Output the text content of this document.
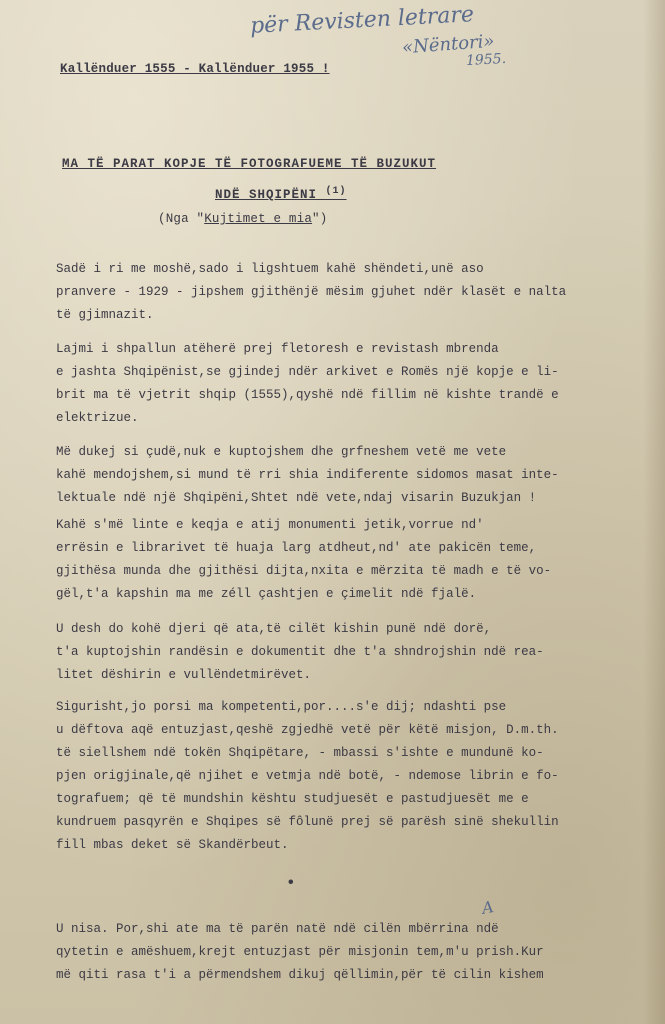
për Revisten letrare
«Nëntori»
1955.
A
Kallënduer 1555 - Kallënduer 1955 !
MA TË PARAT KOPJE TË FOTOGRAFUEME TË BUZUKUT
NDË SHQIPËNI $^{(1)}$
(Nga "Kujtimet e mia")
Sadë i ri me moshë,sado i ligshtuem kahë shëndeti,unë aso
pranvere - 1929 - jipshem gjithënjë mësim gjuhet ndër klasët e nalta
të gjimnazit.
Lajmi i shpallun atëherë prej fletoresh e revistash mbrenda
e jashta Shqipënist,se gjindej ndër arkivet e Romës një kopje e li-
brit ma të vjetrit shqip (1555),qyshë ndë fillim në kishte trandë e
elektrizue.
Më dukej si çudë,nuk e kuptojshem dhe grfneshem vetë me vete
kahë mendojshem,si mund të rri shia indiferente sidomos masat inte-
lektuale ndë një Shqipëni,Shtet ndë vete,ndaj visarin Buzukjan !
Kahë s'më linte e keqja e atij monumenti jetik,vorrue nd'
errësin e librarivet të huaja larg atdheut,nd' ate pakicën teme,
gjithësa munda dhe gjithësi dijta,nxita e mërzita të madh e të vo-
gël,t'a kapshin ma me zéll çashtjen e çimelit ndë fjalë.
U desh do kohë djeri që ata,të cilët kishin punë ndë dorë,
t'a kuptojshin randësin e dokumentit dhe t'a shndrojshin ndë rea-
litet dëshirin e vullëndetmirëvet.
Sigurisht,jo porsi ma kompetenti,por....s'e dij; ndashti pse
u dëftova aqë entuzjast,qeshë zgjedhë vetë për këtë misjon, D.m.th.
të siellshem ndë tokën Shqipëtare, - mbassi s'ishte e mundunë ko-
pjen origjinale,që njihet e vetmja ndë botë, - ndemose librin e fo-
tografuem; që të mundshin kështu studjuesët e pastudjuesët me e
kundruem pasqyrën e Shqipes së fôlunë prej së parësh sinë shekullin
fill mbas deket së Skandërbeut.
•
U nisa. Por,shi ate ma të parën natë ndë cilën mbërrina ndë
qytetin e amëshuem,krejt entuzjast për misjonin tem,m'u prish.Kur
më qiti rasa t'i a përmendshem dikuj qëllimin,për të cilin kishem
